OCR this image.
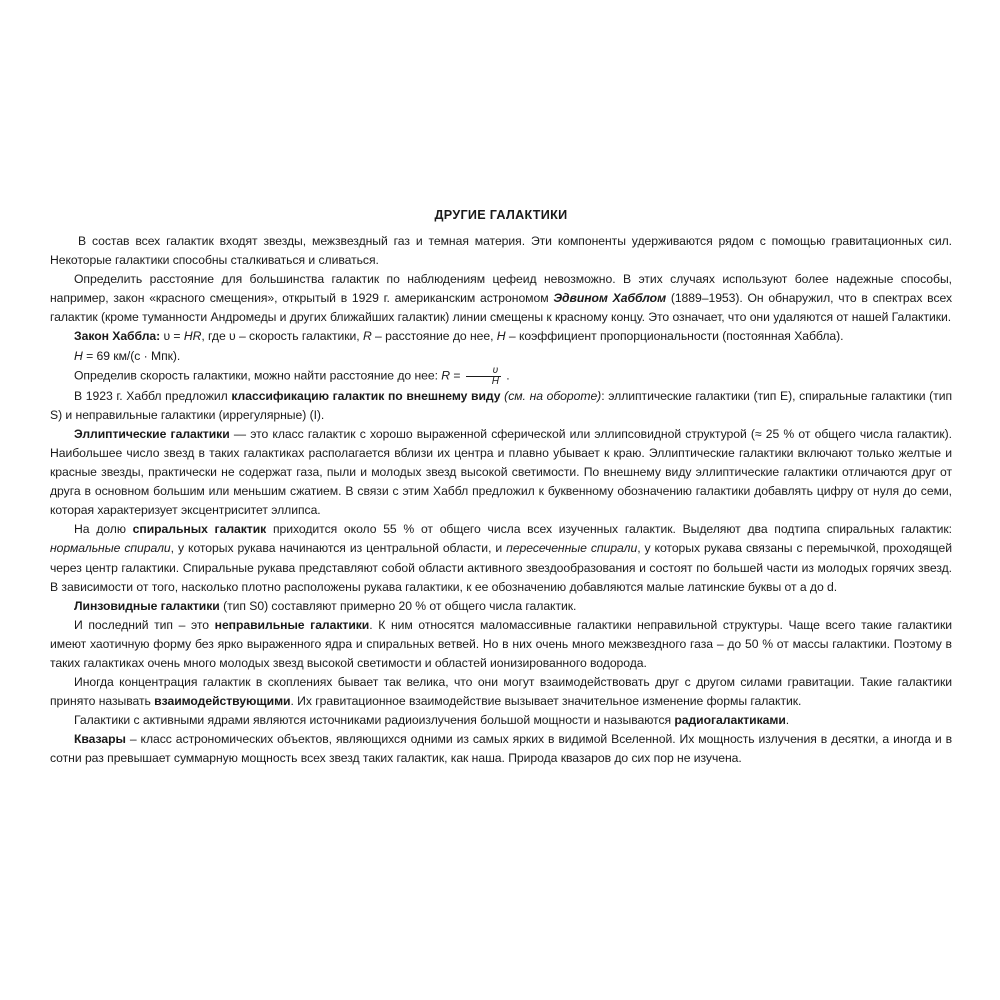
ДРУГИЕ ГАЛАКТИКИ

В состав всех галактик входят звезды, межзвездный газ и темная материя. Эти компоненты удерживаются рядом с помощью гравитационных сил. Некоторые галактики способны сталкиваться и сливаться.

Определить расстояние для большинства галактик по наблюдениям цефеид невозможно. В этих случаях используют более надежные способы, например, закон «красного смещения», открытый в 1929 г. американским астрономом Эдвином Хабблом (1889–1953). Он обнаружил, что в спектрах всех галактик (кроме туманности Андромеды и других ближайших галактик) линии смещены к красному концу. Это означает, что они удаляются от нашей Галактики.

Закон Хаббла: υ = HR, где υ – скорость галактики, R – расстояние до нее, H – коэффициент пропорциональности (постоянная Хаббла).

H = 69 км/(с · Мпк).

Определив скорость галактики, можно найти расстояние до нее: $R = \frac{\upsilon}{H}$ .

В 1923 г. Хаббл предложил классификацию галактик по внешнему виду (см. на обороте): эллиптические галактики (тип E), спиральные галактики (тип S) и неправильные галактики (иррегулярные) (I).

Эллиптические галактики — это класс галактик с хорошо выраженной сферической или эллипсовидной структурой (≈ 25 % от общего числа галактик). Наибольшее число звезд в таких галактиках располагается вблизи их центра и плавно убывает к краю. Эллиптические галактики включают только желтые и красные звезды, практически не содержат газа, пыли и молодых звезд высокой светимости. По внешнему виду эллиптические галактики отличаются друг от друга в основном большим или меньшим сжатием. В связи с этим Хаббл предложил к буквенному обозначению галактики добавлять цифру от нуля до семи, которая характеризует эксцентриситет эллипса.

На долю спиральных галактик приходится около 55 % от общего числа всех изученных галактик. Выделяют два подтипа спиральных галактик: нормальные спирали, у которых рукава начинаются из центральной области, и пересеченные спирали, у которых рукава связаны с перемычкой, проходящей через центр галактики. Спиральные рукава представляют собой области активного звездообразования и состоят по большей части из молодых горячих звезд. В зависимости от того, насколько плотно расположены рукава галактики, к ее обозначению добавляются малые латинские буквы от a до d.

Линзовидные галактики (тип S0) составляют примерно 20 % от общего числа галактик.

И последний тип – это неправильные галактики. К ним относятся маломассивные галактики неправильной структуры. Чаще всего такие галактики имеют хаотичную форму без ярко выраженного ядра и спиральных ветвей. Но в них очень много межзвездного газа – до 50 % от массы галактики. Поэтому в таких галактиках очень много молодых звезд высокой светимости и областей ионизированного водорода.

Иногда концентрация галактик в скоплениях бывает так велика, что они могут взаимодействовать друг с другом силами гравитации. Такие галактики принято называть взаимодействующими. Их гравитационное взаимодействие вызывает значительное изменение формы галактик.

Галактики с активными ядрами являются источниками радиоизлучения большой мощности и называются радиогалактиками.

Квазары – класс астрономических объектов, являющихся одними из самых ярких в видимой Вселенной. Их мощность излучения в десятки, а иногда и в сотни раз превышает суммарную мощность всех звезд таких галактик, как наша. Природа квазаров до сих пор не изучена.
